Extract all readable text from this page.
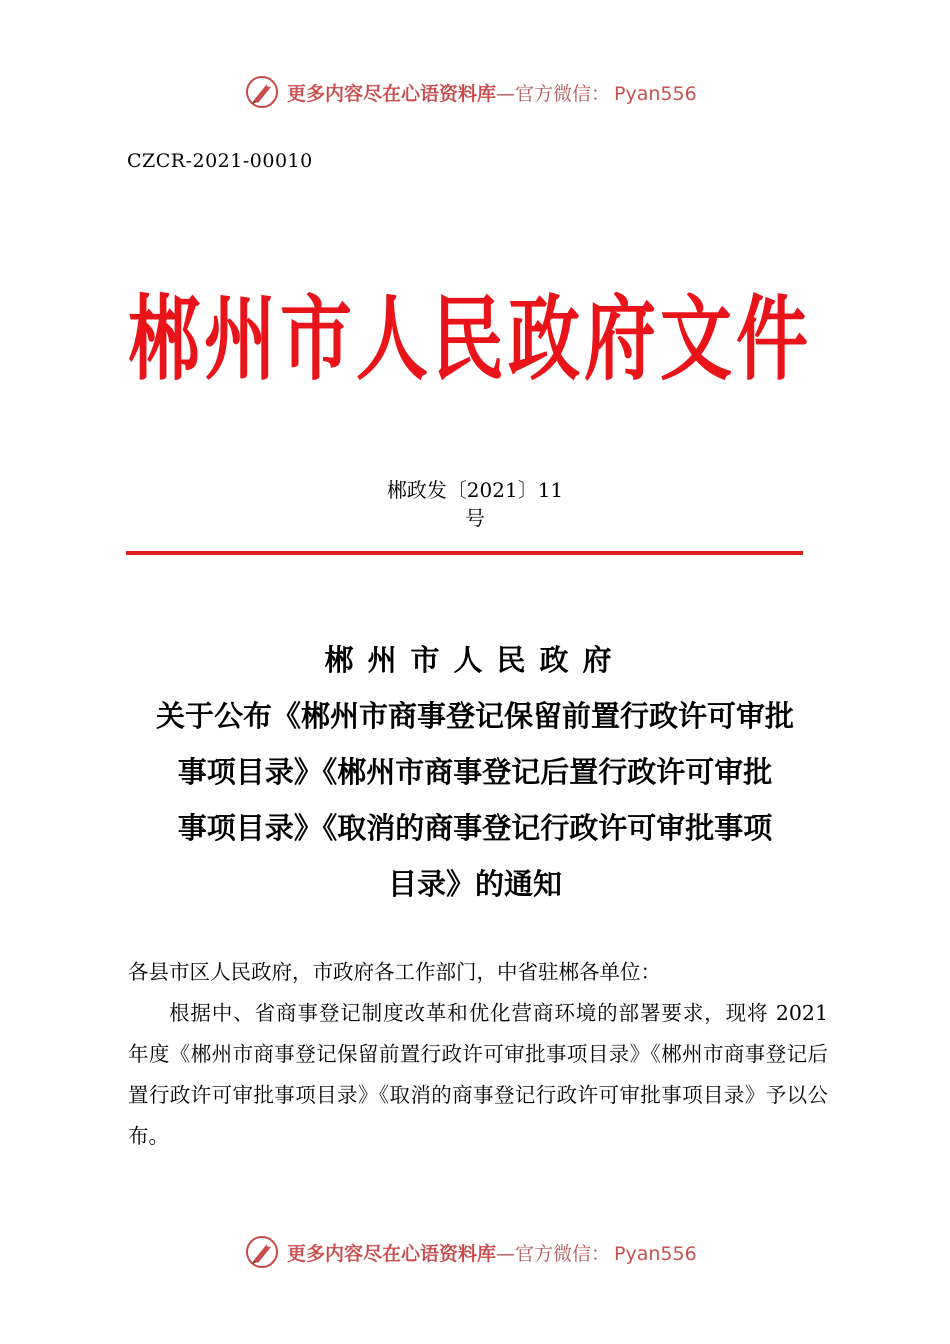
更多内容尽在心语资料库—官方微信： Pyan556
CZCR-2021-00010
郴州市人民政府文件
郴政发〔2021〕11
号
郴州市人民政府
关于公布《郴州市商事登记保留前置行政许可审批
事项目录》《郴州市商事登记后置行政许可审批
事项目录》《取消的商事登记行政许可审批事项
目录》的通知

各县市区人民政府，市政府各工作部门，中省驻郴各单位：

根据中、省商事登记制度改革和优化营商环境的部署要求，现将 2021 年度《郴州市商事登记保留前置行政许可审批事项目录》《郴州市商事登记后置行政许可审批事项目录》《取消的商事登记行政许可审批事项目录》予以公布。

更多内容尽在心语资料库—官方微信： Pyan556
